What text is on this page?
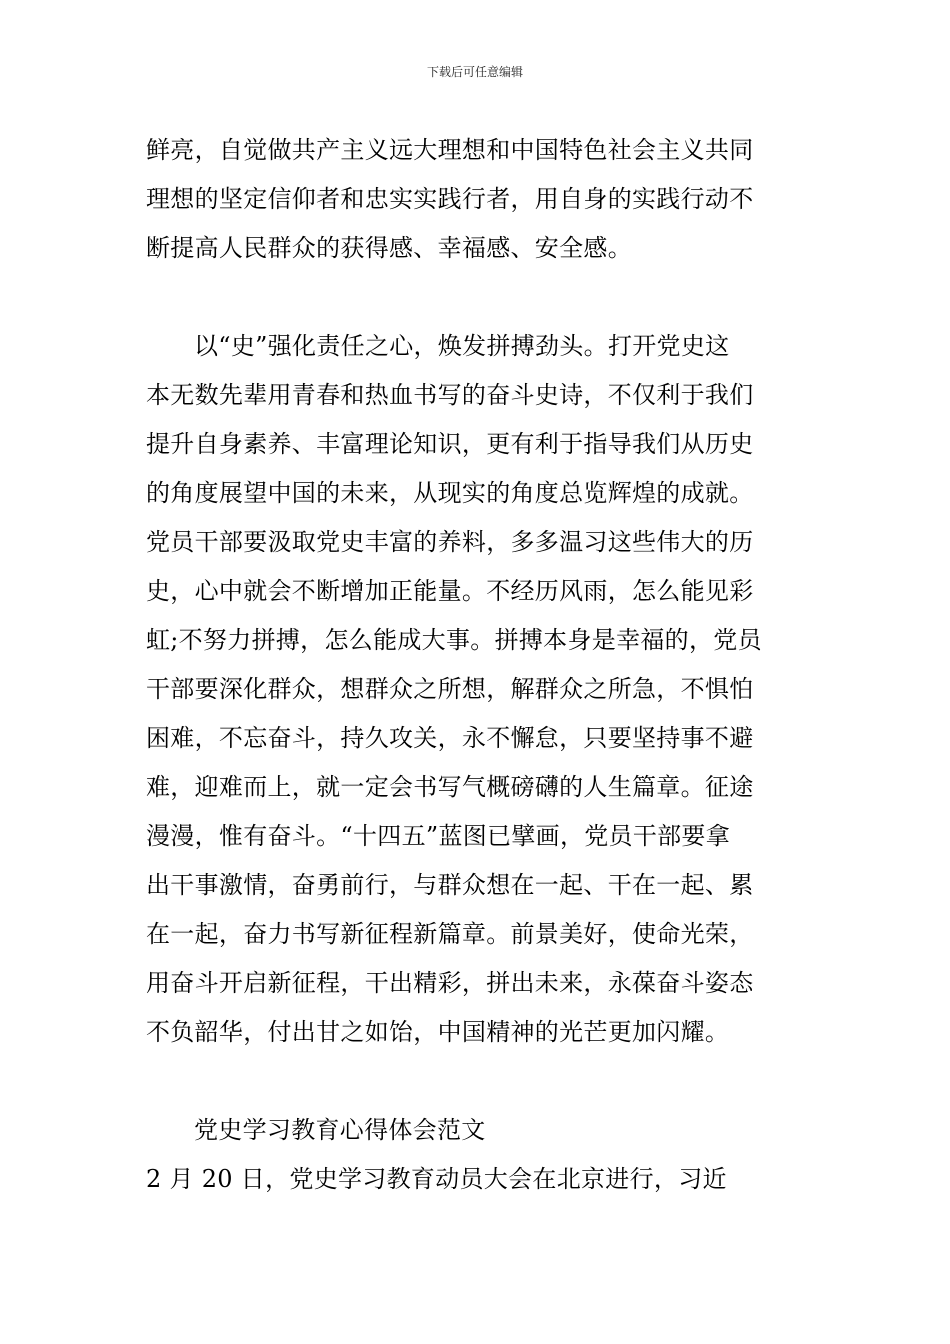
下载后可任意编辑
鲜亮，自觉做共产主义远大理想和中国特色社会主义共同
理想的坚定信仰者和忠实实践行者，用自身的实践行动不
断提高人民群众的获得感、幸福感、安全感。
以“史”强化责任之心，焕发拼搏劲头。打开党史这
本无数先辈用青春和热血书写的奋斗史诗，不仅利于我们
提升自身素养、丰富理论知识，更有利于指导我们从历史
的角度展望中国的未来，从现实的角度总览辉煌的成就。
党员干部要汲取党史丰富的养料，多多温习这些伟大的历
史，心中就会不断增加正能量。不经历风雨，怎么能见彩
虹;不努力拼搏，怎么能成大事。拼搏本身是幸福的，党员
干部要深化群众，想群众之所想，解群众之所急，不惧怕
困难，不忘奋斗，持久攻关，永不懈怠，只要坚持事不避
难，迎难而上，就一定会书写气概磅礴的人生篇章。征途
漫漫，惟有奋斗。“十四五”蓝图已擘画，党员干部要拿
出干事激情，奋勇前行，与群众想在一起、干在一起、累
在一起，奋力书写新征程新篇章。前景美好，使命光荣，
用奋斗开启新征程，干出精彩，拼出未来，永葆奋斗姿态
不负韶华，付出甘之如饴，中国精神的光芒更加闪耀。
党史学习教育心得体会范文
2 月 20 日，党史学习教育动员大会在北京进行，习近
